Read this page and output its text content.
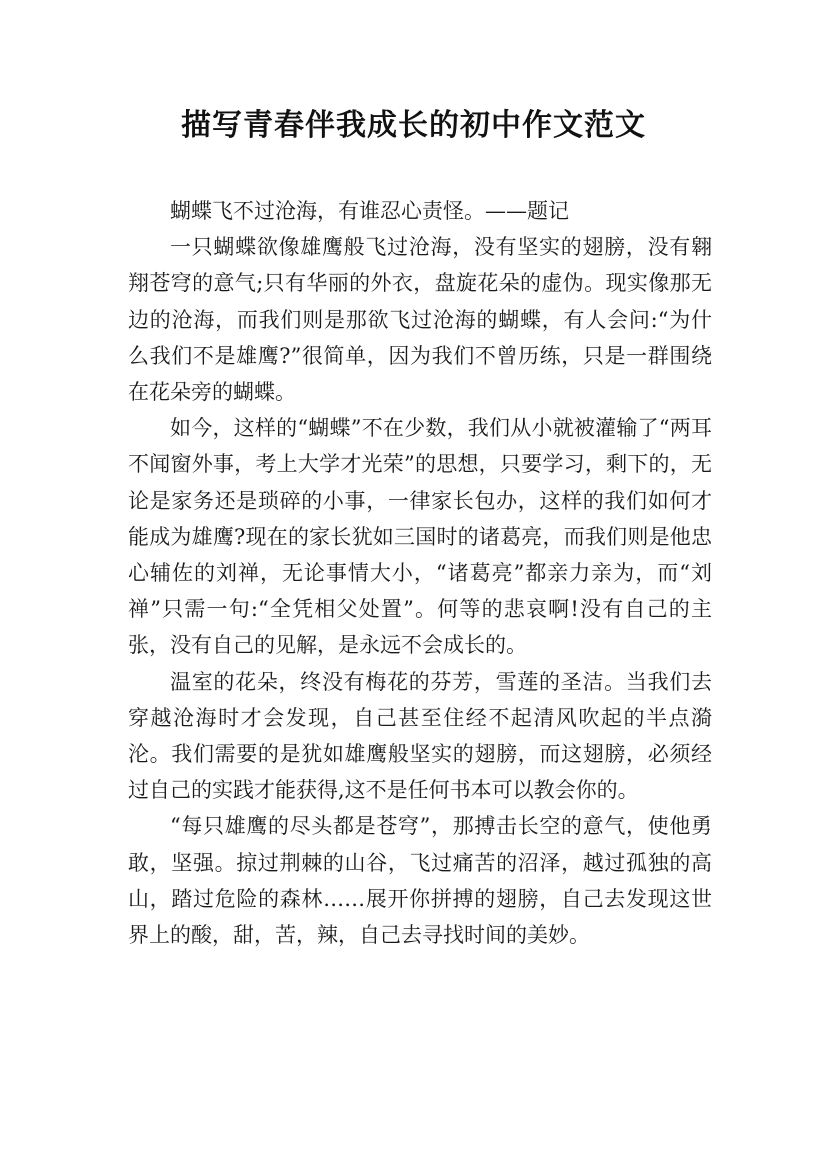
描写青春伴我成长的初中作文范文

蝴蝶飞不过沧海，有谁忍心责怪。——题记

一只蝴蝶欲像雄鹰般飞过沧海，没有坚实的翅膀，没有翱翔苍穹的意气;只有华丽的外衣，盘旋花朵的虚伪。现实像那无边的沧海，而我们则是那欲飞过沧海的蝴蝶，有人会问:“为什么我们不是雄鹰?”很简单，因为我们不曾历练，只是一群围绕在花朵旁的蝴蝶。

如今，这样的“蝴蝶”不在少数，我们从小就被灌输了“两耳不闻窗外事，考上大学才光荣”的思想，只要学习，剩下的，无论是家务还是琐碎的小事，一律家长包办，这样的我们如何才能成为雄鹰?现在的家长犹如三国时的诸葛亮，而我们则是他忠心辅佐的刘禅，无论事情大小，“诸葛亮”都亲力亲为，而“刘禅”只需一句:“全凭相父处置”。何等的悲哀啊!没有自己的主张，没有自己的见解，是永远不会成长的。

温室的花朵，终没有梅花的芬芳，雪莲的圣洁。当我们去穿越沧海时才会发现，自己甚至住经不起清风吹起的半点漪沦。我们需要的是犹如雄鹰般坚实的翅膀，而这翅膀，必须经过自己的实践才能获得,这不是任何书本可以教会你的。

“每只雄鹰的尽头都是苍穹”，那搏击长空的意气，使他勇敢，坚强。掠过荆棘的山谷，飞过痛苦的沼泽，越过孤独的高山，踏过危险的森林……展开你拼搏的翅膀，自己去发现这世界上的酸，甜，苦，辣，自己去寻找时间的美妙。
